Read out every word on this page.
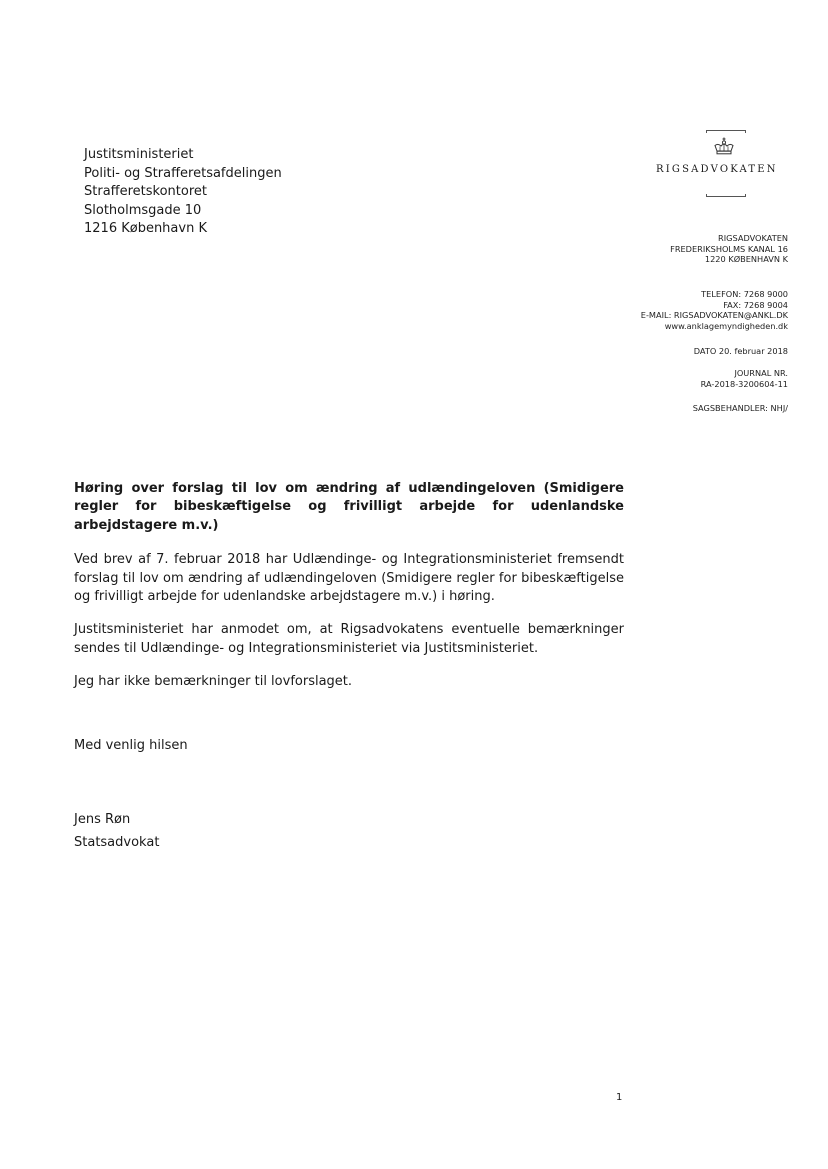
Justitsministeriet
Politi- og Strafferetsafdelingen
Strafferetskontoret
Slotholmsgade 10
1216 København K
RIGSADVOKATEN
RIGSADVOKATEN
FREDERIKSHOLMS KANAL 16
1220 KØBENHAVN K
TELEFON: 7268 9000
FAX: 7268 9004
E-MAIL: RIGSADVOKATEN@ANKL.DK
www.anklagemyndigheden.dk
DATO 20. februar 2018
JOURNAL NR.
RA-2018-3200604-11
SAGSBEHANDLER: NHJ/

Høring over forslag til lov om ændring af udlændingeloven (Smidigere regler for bibeskæftigelse og frivilligt arbejde for udenlandske arbejdstagere m.v.)

Ved brev af 7. februar 2018 har Udlændinge- og Integrationsministeriet fremsendt forslag til lov om ændring af udlændingeloven (Smidigere regler for bibeskæftigelse og frivilligt arbejde for udenlandske arbejdstagere m.v.) i høring.

Justitsministeriet har anmodet om, at Rigsadvokatens eventuelle bemærkninger sendes til Udlændinge- og Integrationsministeriet via Justitsministeriet.

Jeg har ikke bemærkninger til lovforslaget.

Med venlig hilsen
Jens Røn
Statsadvokat
1
